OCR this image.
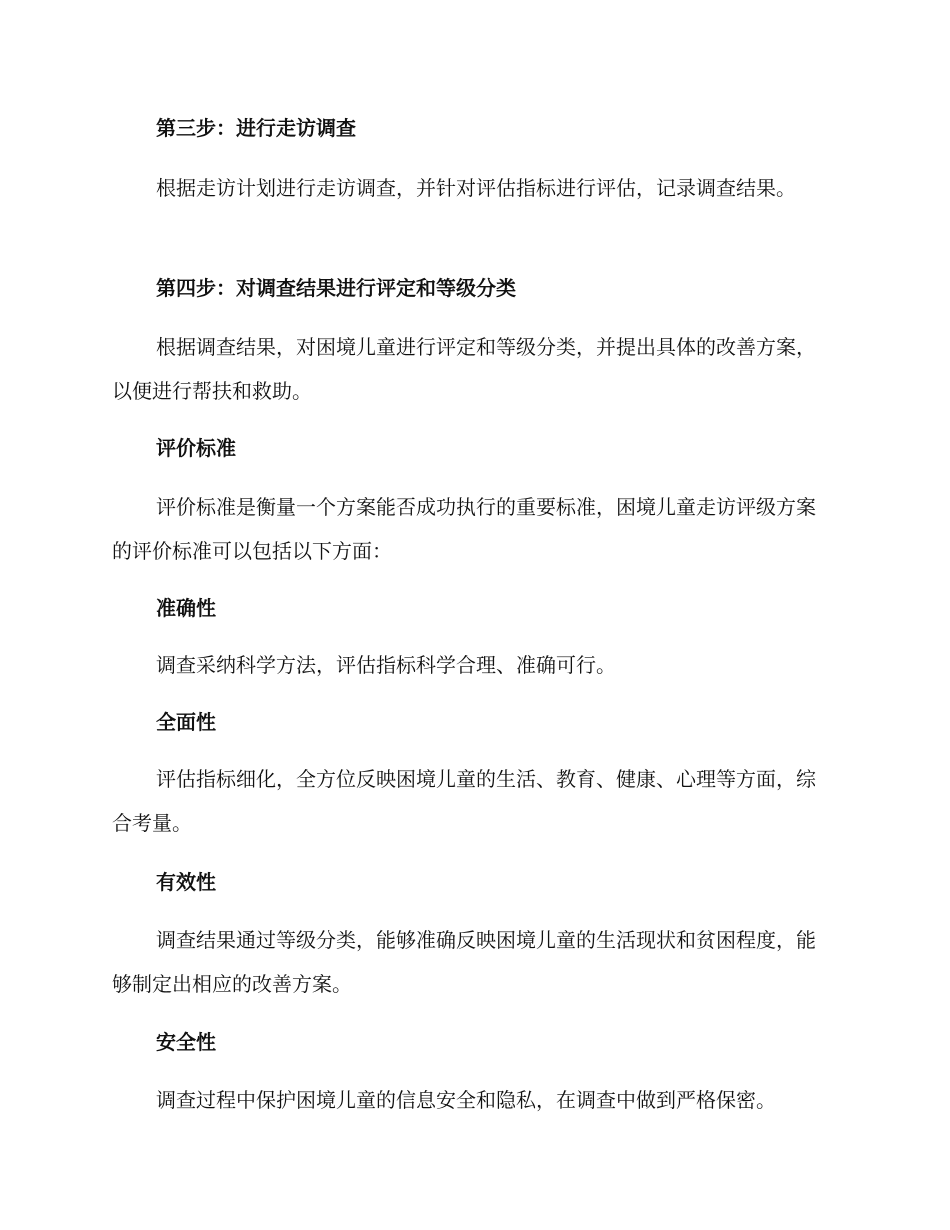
第三步：进行走访调查

根据走访计划进行走访调查，并针对评估指标进行评估，记录调查结果。

第四步：对调查结果进行评定和等级分类

根据调查结果，对困境儿童进行评定和等级分类，并提出具体的改善方案，以便进行帮扶和救助。

评价标准

评价标准是衡量一个方案能否成功执行的重要标准，困境儿童走访评级方案的评价标准可以包括以下方面：

准确性

调查采纳科学方法，评估指标科学合理、准确可行。

全面性

评估指标细化，全方位反映困境儿童的生活、教育、健康、心理等方面，综合考量。

有效性

调查结果通过等级分类，能够准确反映困境儿童的生活现状和贫困程度，能够制定出相应的改善方案。

安全性

调查过程中保护困境儿童的信息安全和隐私，在调查中做到严格保密。
